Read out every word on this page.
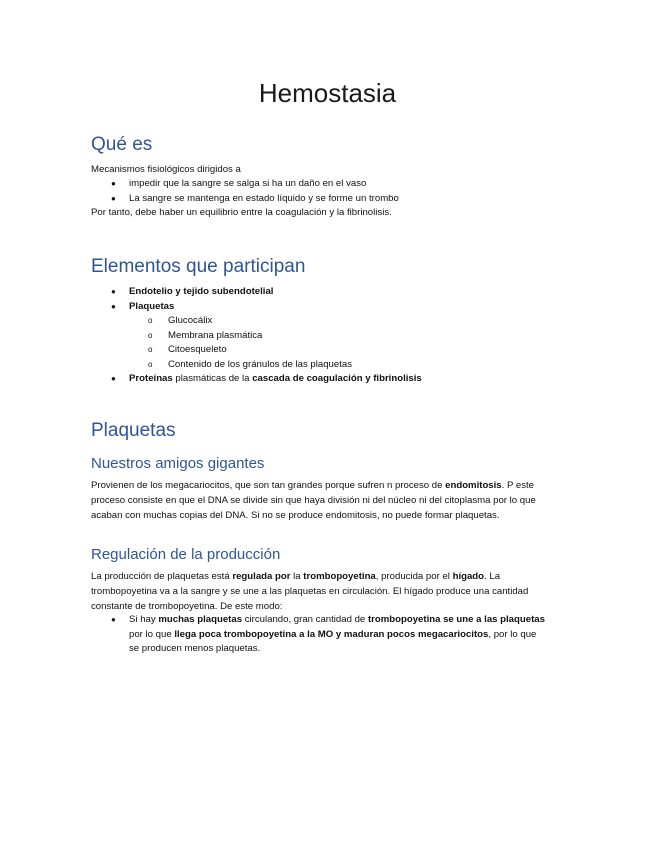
Hemostasia
Qué es

Mecanismos fisiológicos dirigidos a

● impedir que la sangre se salga si ha un daño en el vaso
● La sangre se mantenga en estado líquido y se forme un trombo

Por tanto, debe haber un equilibrio entre la coagulación y la fibrinolisis.

Elementos que participan
● Endotelio y tejido subendotelial
● Plaquetas
o Glucocálix
o Membrana plasmática
o Citoesqueleto
o Contenido de los gránulos de las plaquetas
● Proteínas plasmáticas de la cascada de coagulación y fibrinolisis
Plaquetas
Nuestros amigos gigantes

Provienen de los megacariocitos, que son tan grandes porque sufren n proceso de endomitosis. P este proceso consiste en que el DNA se divide sin que haya división ni del núcleo ni del citoplasma por lo que acaban con muchas copias del DNA. Si no se produce endomitosis, no puede formar plaquetas.

Regulación de la producción

La producción de plaquetas está regulada por la trombopoyetina, producida por el hígado. La trombopoyetina va a la sangre y se une a las plaquetas en circulación. El hígado produce una cantidad constante de trombopoyetina. De este modo:

● Si hay muchas plaquetas circulando, gran cantidad de trombopoyetina se une a las plaquetas por lo que llega poca trombopoyetina a la MO y maduran pocos megacariocitos, por lo que se producen menos plaquetas.
